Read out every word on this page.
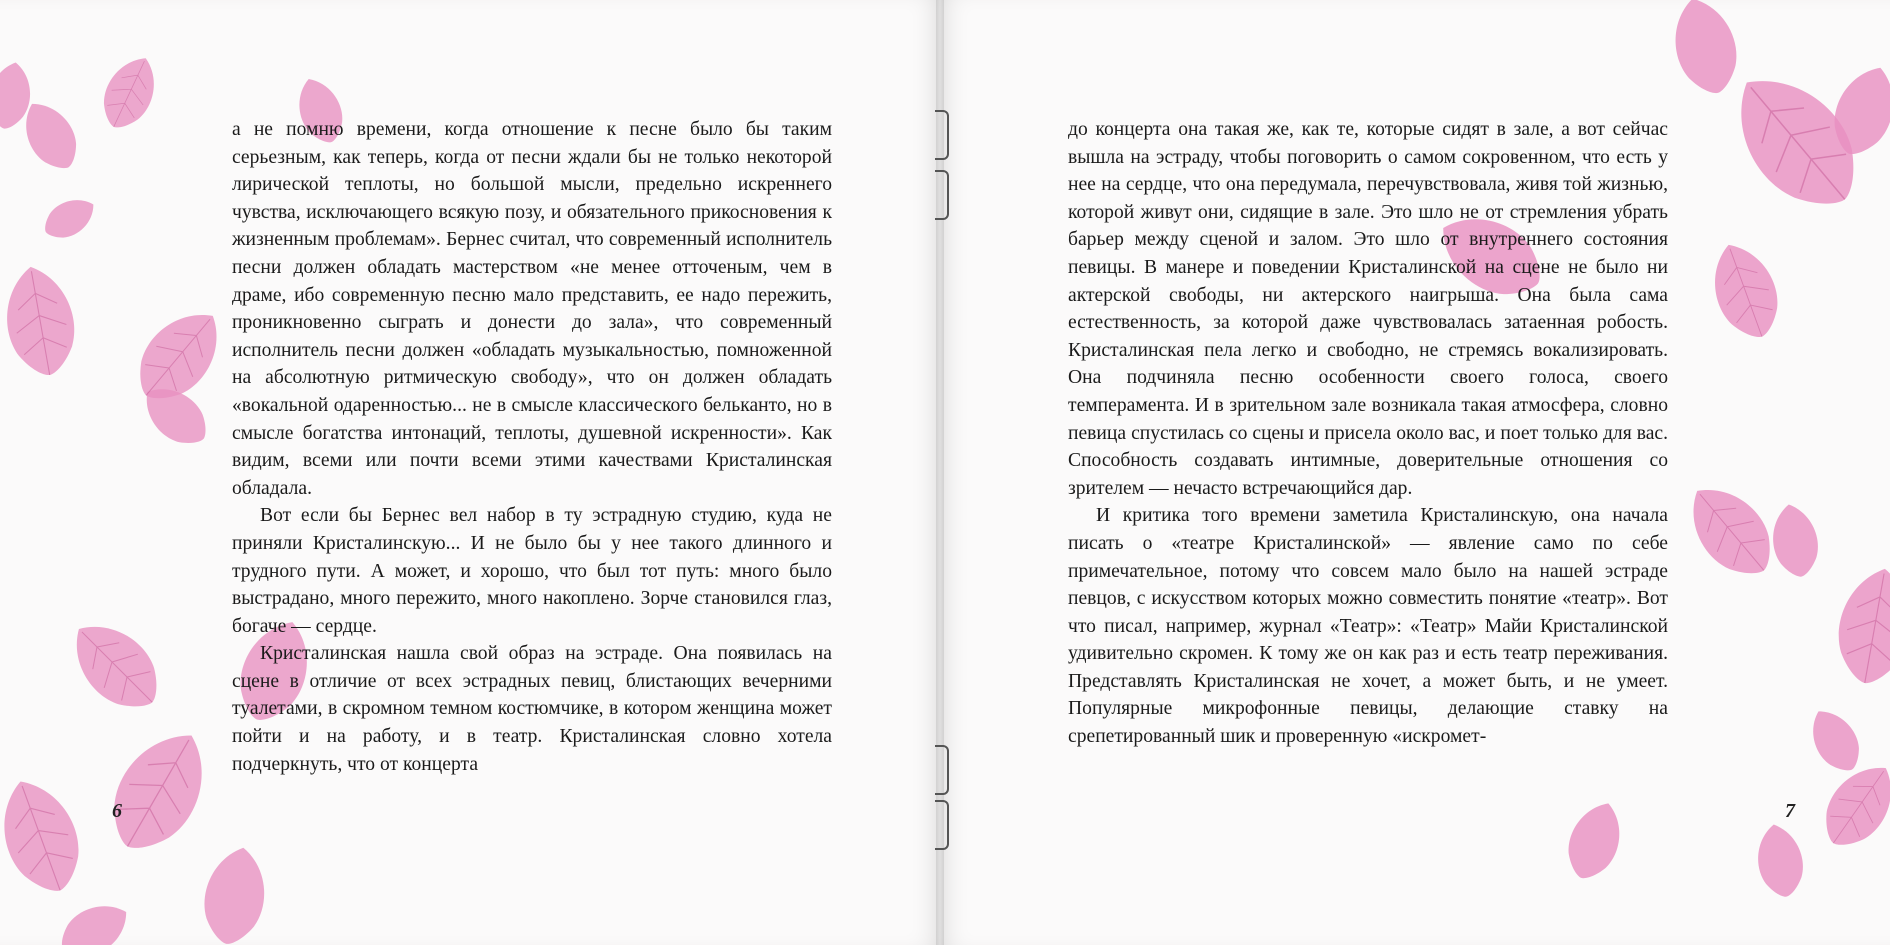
а не помню времени, когда отношение к песне было бы таким серьезным, как теперь, когда от песни ждали бы не только некоторой лирической теплоты, но большой мысли, предельно искреннего чувства, исключающего всякую позу, и обязательного прикосновения к жизненным проблемам». Бернес считал, что современный исполнитель песни должен обладать мастерством «не менее отточеным, чем в драме, ибо современную песню мало представить, ее надо пережить, проникновенно сыграть и донести до зала», что современный исполнитель песни должен «обладать музыкальностью, помноженной на абсолютную ритмическую свободу», что он должен обладать «вокальной одаренностью... не в смысле классического бельканто, но в смысле богатства интонаций, теплоты, душевной искренности». Как видим, всеми или почти всеми этими качествами Кристалинская обладала.

Вот если бы Бернес вел набор в ту эстрадную студию, куда не приняли Кристалинскую... И не было бы у нее такого длинного и трудного пути. А может, и хорошо, что был тот путь: много было выстрадано, много пережито, много накоплено. Зорче становился глаз, богаче — сердце.

Кристалинская нашла свой образ на эстраде. Она появилась на сцене в отличие от всех эстрадных певиц, блистающих вечерними туалетами, в скромном темном костюмчике, в котором женщина может пойти и на работу, и в театр. Кристалинская словно хотела подчеркнуть, что от концерта

6	7

до концерта она такая же, как те, которые сидят в зале, а вот сейчас вышла на эстраду, чтобы поговорить о самом сокровенном, что есть у нее на сердце, что она передумала, перечувствовала, живя той жизнью, которой живут они, сидящие в зале. Это шло не от стремления убрать барьер между сценой и залом. Это шло от внутреннего состояния певицы. В манере и поведении Кристалинской на сцене не было ни актерской свободы, ни актерского наигрыша. Она была сама естественность, за которой даже чувствовалась затаенная робость. Кристалинская пела легко и свободно, не стремясь вокализировать. Она подчиняла песню особенности своего голоса, своего темперамента. И в зрительном зале возникала такая атмосфера, словно певица спустилась со сцены и присела около вас, и поет только для вас. Способность создавать интимные, доверительные отношения со зрителем — нечасто встречающийся дар.

И критика того времени заметила Кристалинскую, она начала писать о «театре Кристалинской» — явление само по себе примечательное, потому что совсем мало было на нашей эстраде певцов, с искусством которых можно совместить понятие «театр». Вот что писал, например, журнал «Театр»: «Театр» Майи Кристалинской удивительно скромен. К тому же он как раз и есть театр переживания. Представлять Кристалинская не хочет, а может быть, и не умеет. Популярные микрофонные певицы, делающие ставку на срепетированный шик и проверенную «искромет-
